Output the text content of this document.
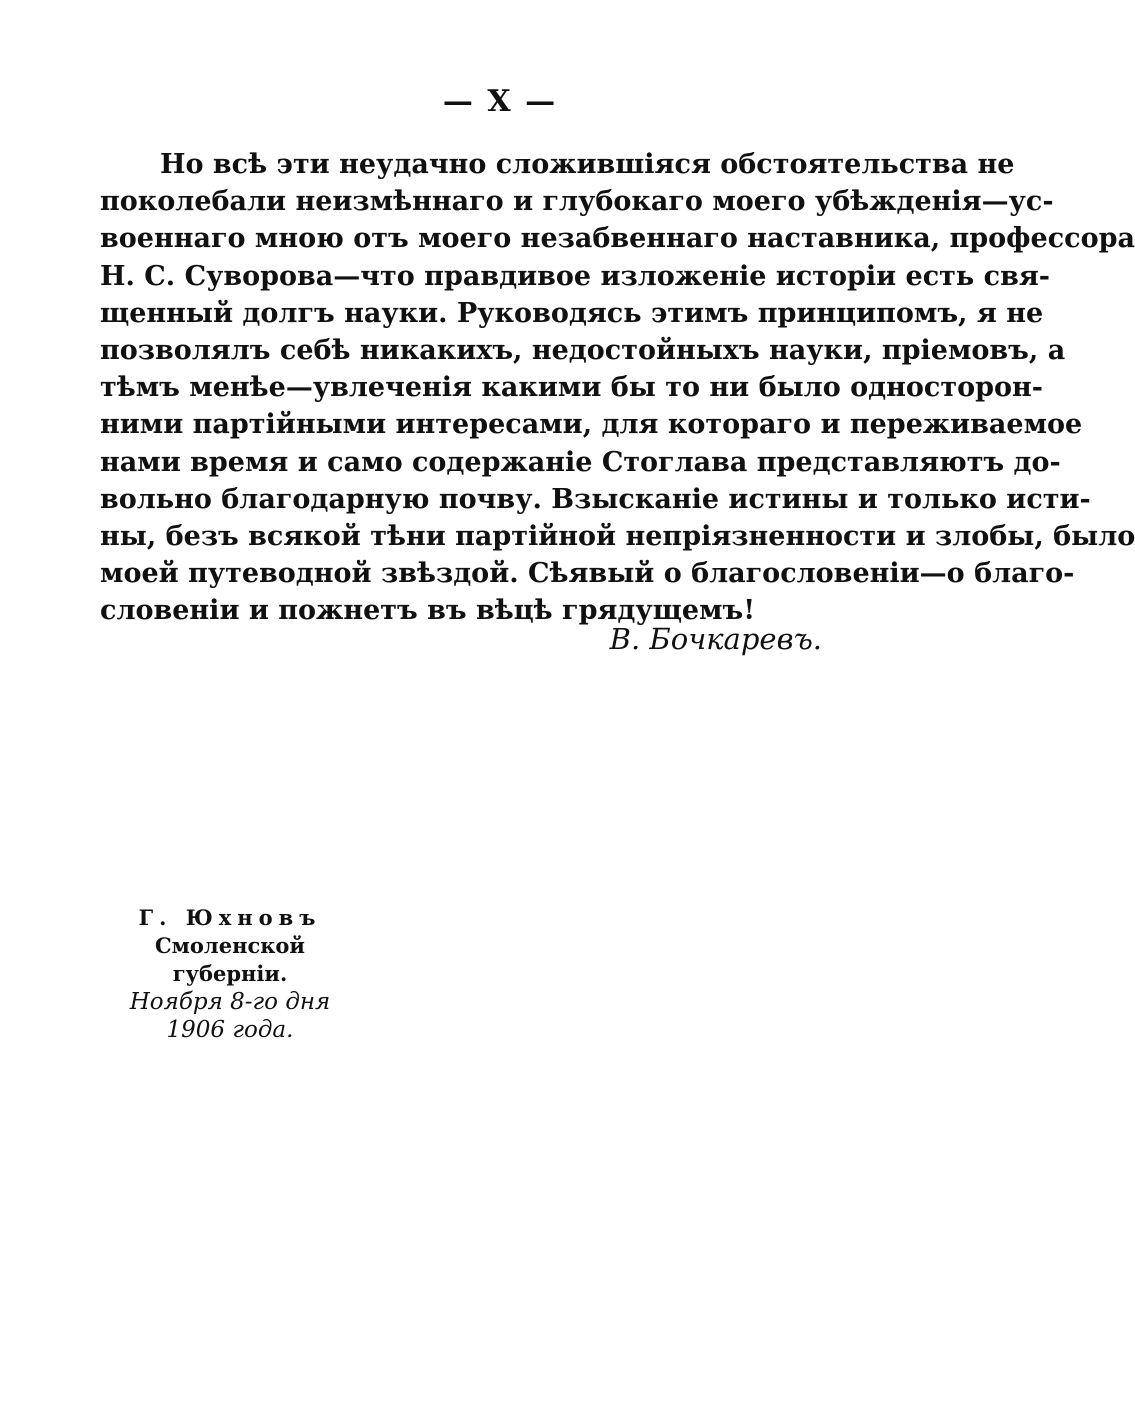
— X —
Но всѣ эти неудачно сложившіяся обстоятельства не
поколебали неизмѣннаго и глубокаго моего убѣжденія—ус-
военнаго мною отъ моего незабвеннаго наставника, профессора
Н. С. Суворова—что правдивое изложеніе исторіи есть свя-
щенный долгъ науки. Руководясь этимъ принципомъ, я не
позволялъ себѣ никакихъ, недостойныхъ науки, пріемовъ, а
тѣмъ менѣе—увлеченія какими бы то ни было односторон-
ними партійными интересами, для котораго и переживаемое
нами время и само содержаніе Стоглава представляютъ до-
вольно благодарную почву. Взысканіе истины и только исти-
ны, безъ всякой тѣни партійной непріязненности и злобы, было
моей путеводной звѣздой. Сѣявый о благословеніи—о благо-
словеніи и пожнетъ въ вѣцѣ грядущемъ!
В. Бочкаревъ.
Г. Юхновъ
Смоленской губерніи.
Ноября 8-го дня
1906 года.
